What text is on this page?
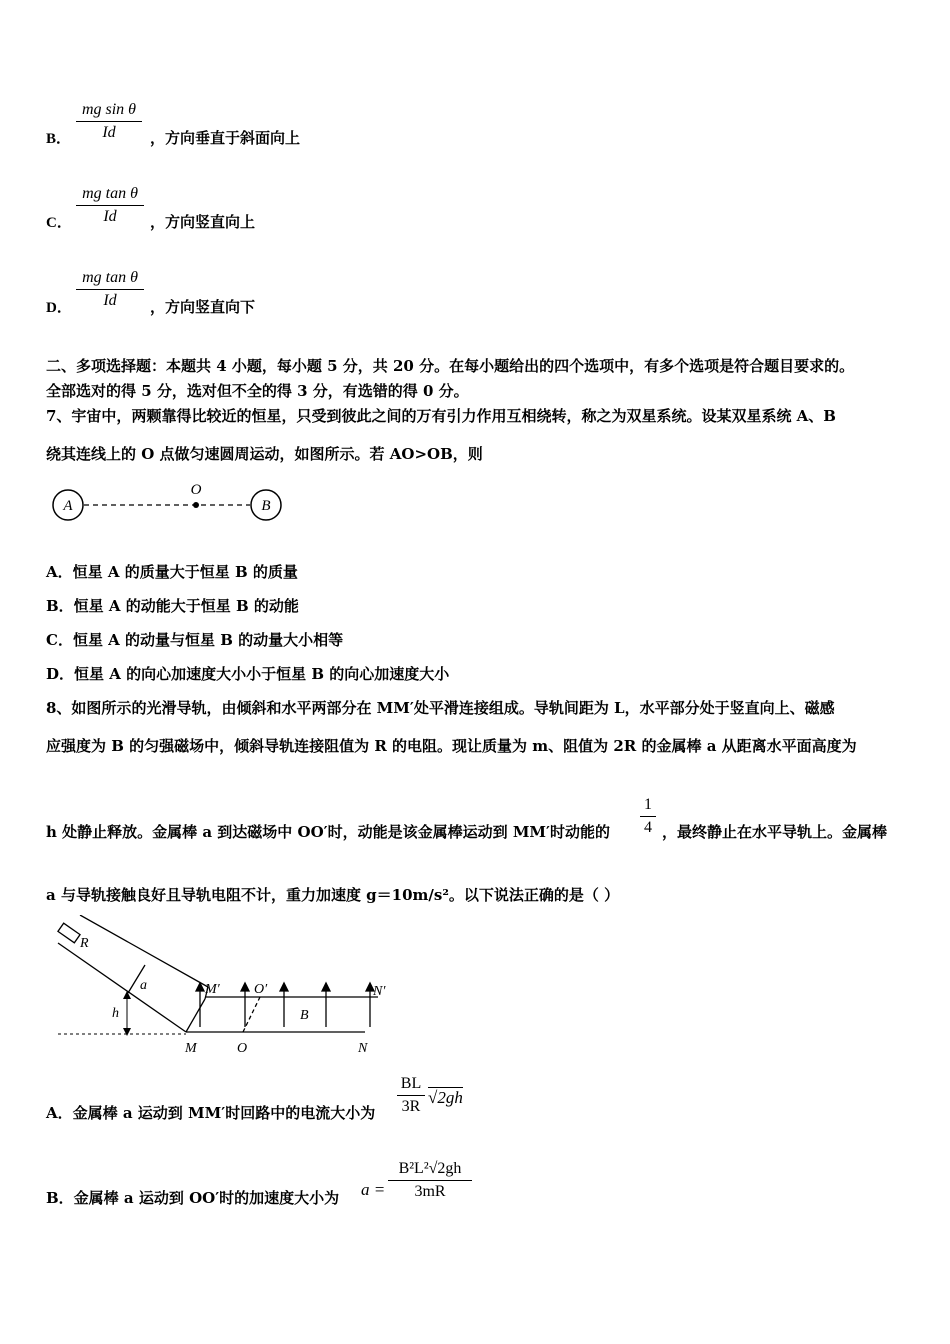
B．
mg sin θ
Id	，方向垂直于斜面向上
C．
mg tan θ
Id	，方向竖直向上
D．
mg tan θ
Id	，方向竖直向下
二、多项选择题：本题共 4 小题，每小题 5 分，共 20 分。在每小题给出的四个选项中，有多个选项是符合题目要求的。
全部选对的得 5 分，选对但不全的得 3 分，有选错的得 0 分。
7、宇宙中，两颗靠得比较近的恒星，只受到彼此之间的万有引力作用互相绕转，称之为双星系统。设某双星系统 A、B
绕其连线上的 O 点做匀速圆周运动，如图所示。若 AO>OB，则
A
O
B
A．恒星 A 的质量大于恒星 B 的质量
B．恒星 A 的动能大于恒星 B 的动能
C．恒星 A 的动量与恒星 B 的动量大小相等
D．恒星 A 的向心加速度大小小于恒星 B 的向心加速度大小
8、如图所示的光滑导轨，由倾斜和水平两部分在 MM′处平滑连接组成。导轨间距为 L，水平部分处于竖直向上、磁感
应强度为 B 的匀强磁场中，倾斜导轨连接阻值为 R 的电阻。现让质量为 m、阻值为 2R 的金属棒 a 从距离水平面高度为
h 处静止释放。金属棒 a 到达磁场中 OO′时，动能是该金属棒运动到 MM′时动能的
1
4 ，最终静止在水平导轨上。金属棒
a 与导轨接触良好且导轨电阻不计，重力加速度 g＝10m/s²。以下说法正确的是（ ）
R
a
h
M′ O′
B
N′
M	O	N
A．金属棒 a 运动到 MM′时回路中的电流大小为
BL
3R √2gh
B．金属棒 a 运动到 OO′时的加速度大小为 a =
B²L²√2gh
3mR
